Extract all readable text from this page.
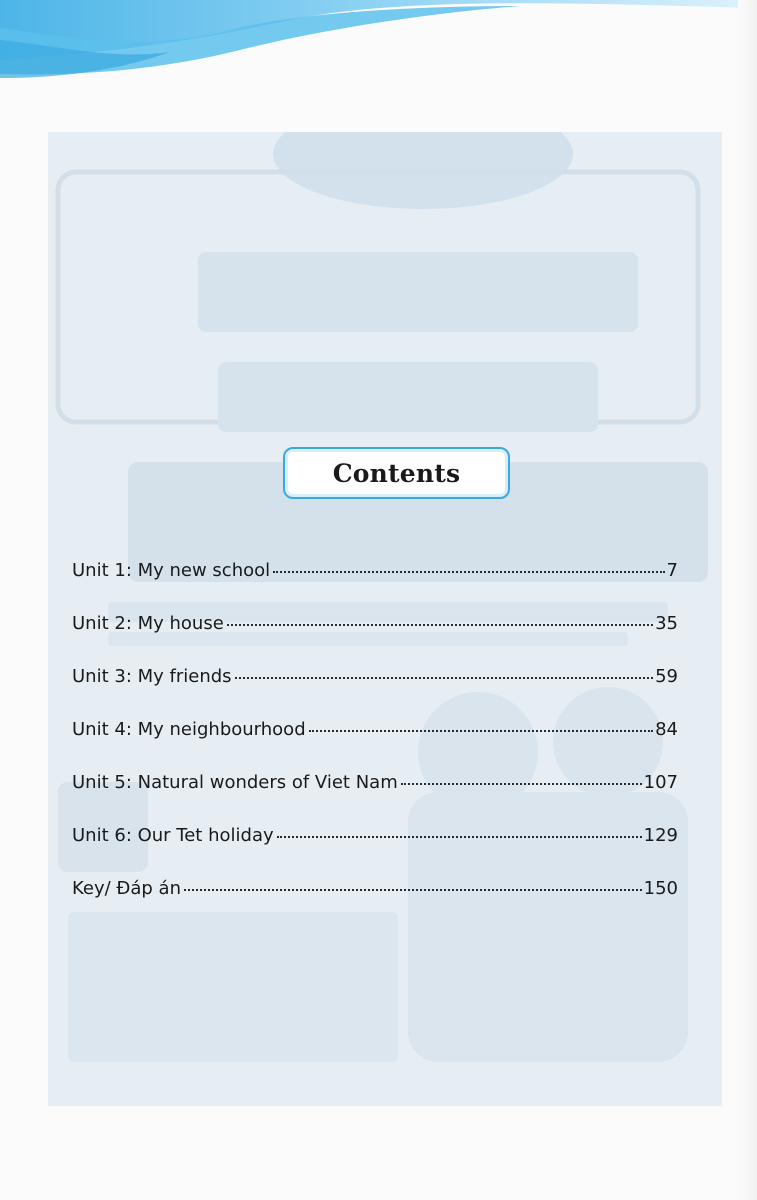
Contents
Unit 1: My new school	7
Unit 2: My house	35
Unit 3: My friends	59
Unit 4: My neighbourhood	84
Unit 5: Natural wonders of Viet Nam	107
Unit 6: Our Tet holiday	129
Key/ Đáp án	150
